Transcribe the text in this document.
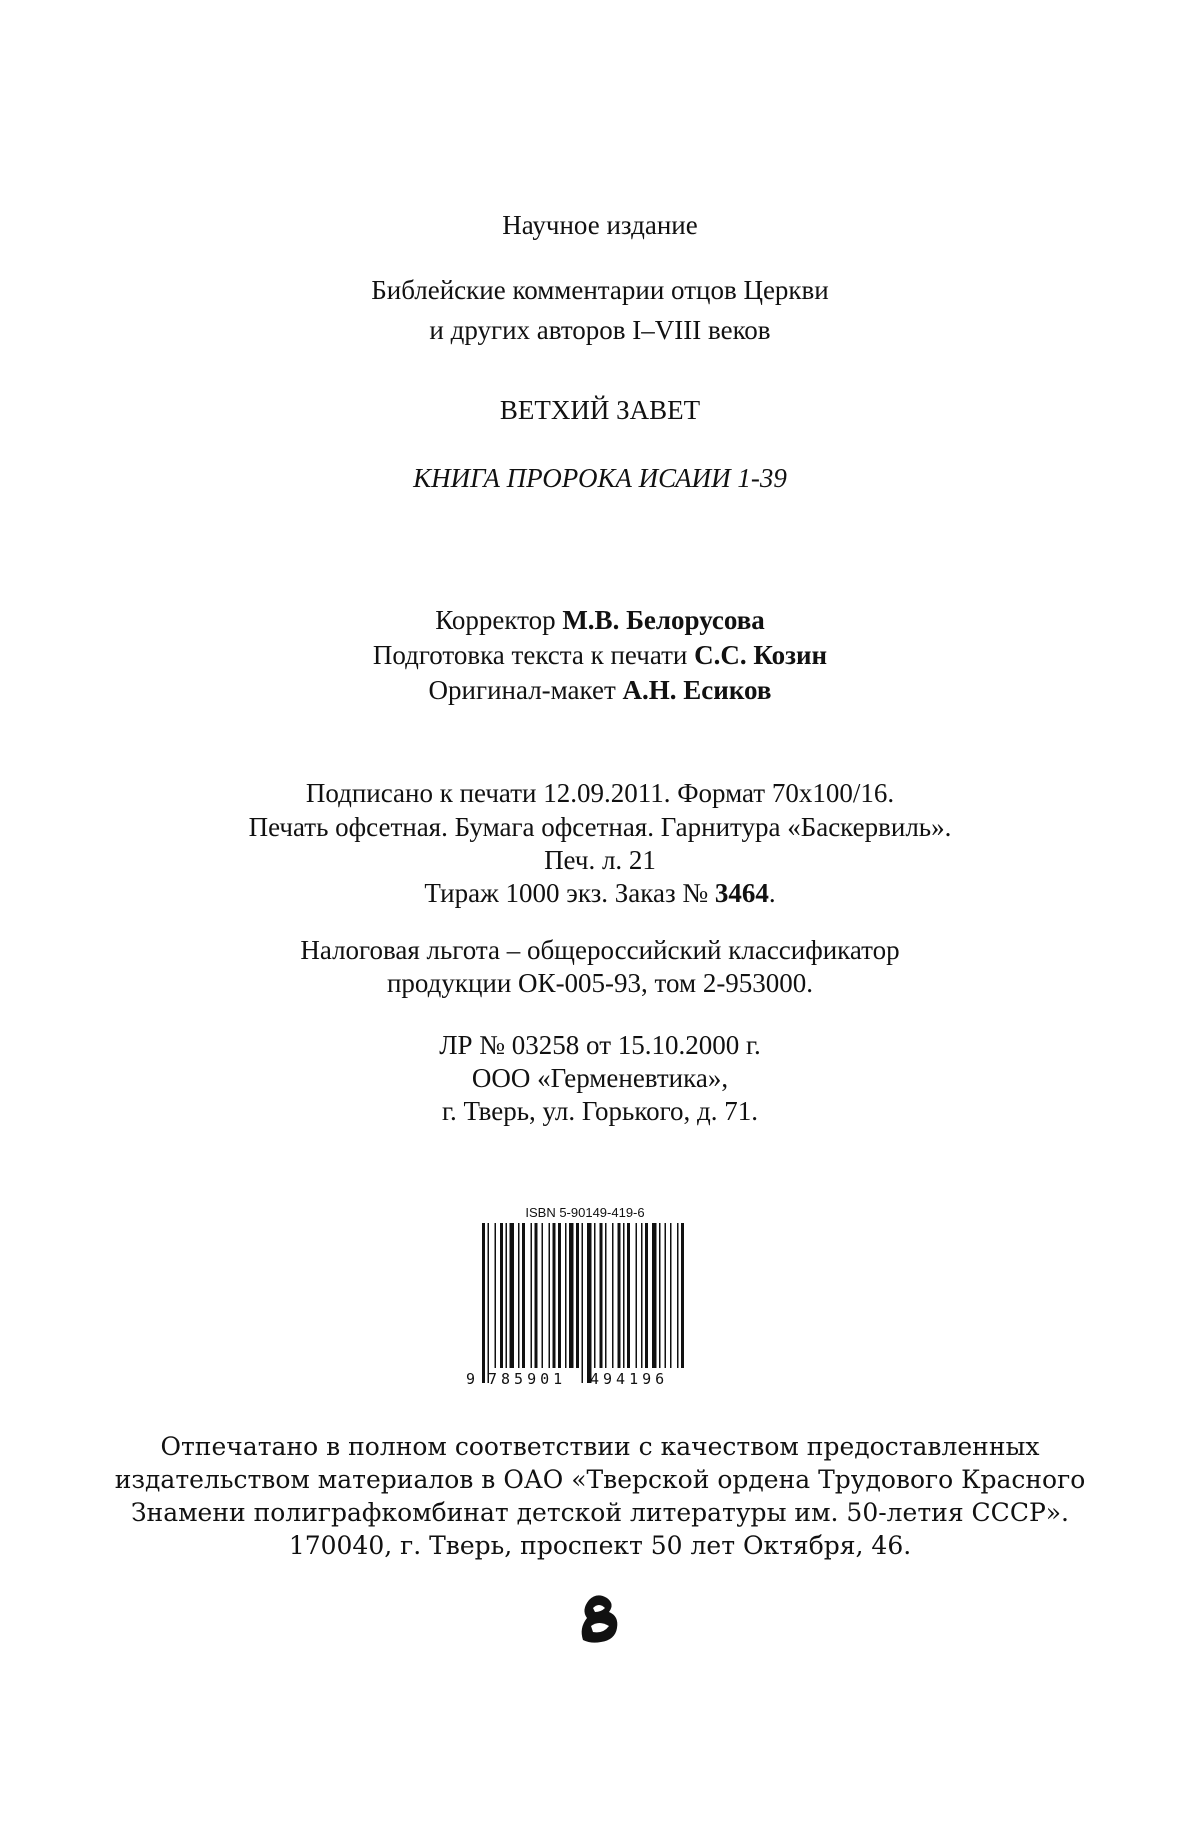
Научное издание
Библейские комментарии отцов Церкви
и других авторов I–VIII веков
ВЕТХИЙ ЗАВЕТ
КНИГА ПРОРОКА ИСАИИ 1-39
Корректор М.В. Белорусова
Подготовка текста к печати С.С. Козин
Оригинал-макет А.Н. Есиков
Подписано к печати 12.09.2011. Формат 70х100/16.
Печать офсетная. Бумага офсетная. Гарнитура «Баскервиль».
Печ. л. 21
Тираж 1000 экз. Заказ № 3464.
Налоговая льгота – общероссийский классификатор
продукции ОК-005-93, том 2-953000.
ЛР № 03258 от 15.10.2000 г.
ООО «Герменевтика»,
г. Тверь, ул. Горького, д. 71.
ISBN 5-90149-419-6
9 785901 494196
Отпечатано в полном соответствии с качеством предоставленных
издательством материалов в ОАО «Тверской ордена Трудового Красного
Знамени полиграфкомбинат детской литературы им. 50-летия СССР».
170040, г. Тверь, проспект 50 лет Октября, 46.
